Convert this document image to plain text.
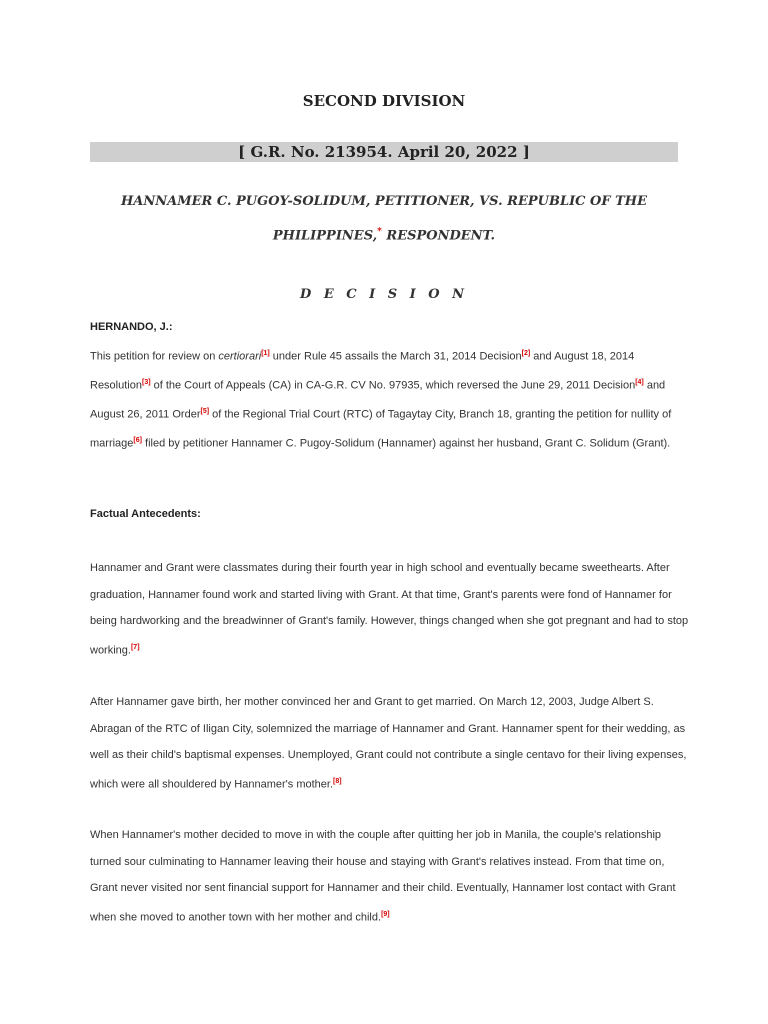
SECOND DIVISION
[ G.R. No. 213954. April 20, 2022 ]
HANNAMER C. PUGOY-SOLIDUM, PETITIONER, VS. REPUBLIC OF THE PHILIPPINES,* RESPONDENT.
D E C I S I O N
HERNANDO, J.:

This petition for review on certiorari[1] under Rule 45 assails the March 31, 2014 Decision[2] and August 18, 2014 Resolution[3] of the Court of Appeals (CA) in CA-G.R. CV No. 97935, which reversed the June 29, 2011 Decision[4] and August 26, 2011 Order[5] of the Regional Trial Court (RTC) of Tagaytay City, Branch 18, granting the petition for nullity of marriage[6] filed by petitioner Hannamer C. Pugoy-Solidum (Hannamer) against her husband, Grant C. Solidum (Grant).

Factual Antecedents:

Hannamer and Grant were classmates during their fourth year in high school and eventually became sweethearts. After graduation, Hannamer found work and started living with Grant. At that time, Grant's parents were fond of Hannamer for being hardworking and the breadwinner of Grant's family. However, things changed when she got pregnant and had to stop working.[7]

After Hannamer gave birth, her mother convinced her and Grant to get married. On March 12, 2003, Judge Albert S. Abragan of the RTC of Iligan City, solemnized the marriage of Hannamer and Grant. Hannamer spent for their wedding, as well as their child's baptismal expenses. Unemployed, Grant could not contribute a single centavo for their living expenses, which were all shouldered by Hannamer's mother.[8]

When Hannamer's mother decided to move in with the couple after quitting her job in Manila, the couple's relationship turned sour culminating to Hannamer leaving their house and staying with Grant's relatives instead. From that time on, Grant never visited nor sent financial support for Hannamer and their child. Eventually, Hannamer lost contact with Grant when she moved to another town with her mother and child.[9]
